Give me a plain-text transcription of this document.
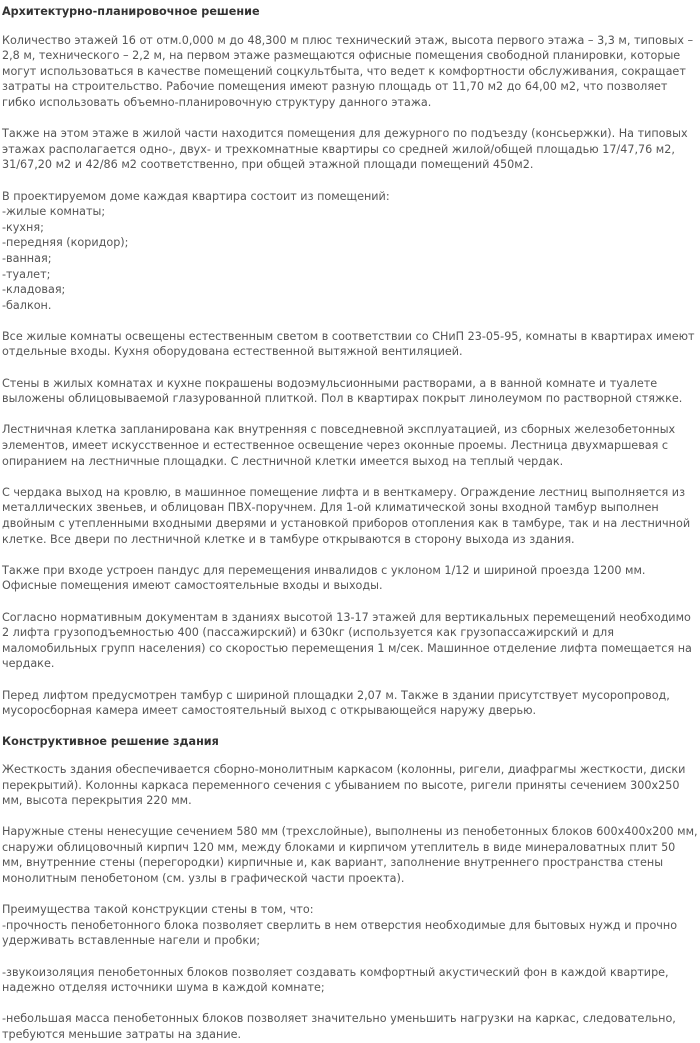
Архитектурно-планировочное решение

Количество этажей 16 от отм.0,000 м до 48,300 м плюс технический этаж, высота первого этажа – 3,3 м, типовых – 2,8 м, технического – 2,2 м, на первом этаже размещаются офисные помещения свободной планировки, которые могут использоваться в качестве помещений соцкультбыта, что ведет к комфортности обслуживания, сокращает затраты на строительство. Рабочие помещения имеют разную площадь от 11,70 м2 до 64,00 м2, что позволяет гибко использовать объемно-планировочную структуру данного этажа.

Также на этом этаже в жилой части находится помещения для дежурного по подъезду (консьержки). На типовых этажах располагается одно-, двух- и трехкомнатные квартиры со средней жилой/общей площадью 17/47,76 м2, 31/67,20 м2 и 42/86 м2 соответственно, при общей этажной площади помещений 450м2.

В проектируемом доме каждая квартира состоит из помещений:
-жилые комнаты;
-кухня;
-передняя (коридор);
-ванная;
-туалет;
-кладовая;
-балкон.

Все жилые комнаты освещены естественным светом в соответствии со СНиП 23-05-95, комнаты в квартирах имеют отдельные входы. Кухня оборудована естественной вытяжной вентиляцией.

Стены в жилых комнатах и кухне покрашены водоэмульсионными растворами, а в ванной комнате и туалете выложены облицовываемой глазурованной плиткой. Пол в квартирах покрыт линолеумом по растворной стяжке.

Лестничная клетка запланирована как внутренняя с повседневной эксплуатацией, из сборных железобетонных элементов, имеет искусственное и естественное освещение через оконные проемы. Лестница двухмаршевая с опиранием на лестничные площадки. С лестничной клетки имеется выход на теплый чердак.

С чердака выход на кровлю, в машинное помещение лифта и в венткамеру. Ограждение лестниц выполняется из металлических звеньев, и облицован ПВХ-поручнем. Для 1-ой климатической зоны входной тамбур выполнен двойным с утепленными входными дверями и установкой приборов отопления как в тамбуре, так и на лестничной клетке. Все двери по лестничной клетке и в тамбуре открываются в сторону выхода из здания.

Также при входе устроен пандус для перемещения инвалидов с уклоном 1/12 и шириной проезда 1200 мм. Офисные помещения имеют самостоятельные входы и выходы.

Согласно нормативным документам в зданиях высотой 13-17 этажей для вертикальных перемещений необходимо 2 лифта грузоподъемностью 400 (пассажирский) и 630кг (используется как грузопассажирский и для маломобильных групп населения) со скоростью перемещения 1 м/сек. Машинное отделение лифта помещается на чердаке.

Перед лифтом предусмотрен тамбур с шириной площадки 2,07 м. Также в здании присутствует мусоропровод, мусоросборная камера имеет самостоятельный выход с открывающейся наружу дверью.

Конструктивное решение здания

Жесткость здания обеспечивается сборно-монолитным каркасом (колонны, ригели, диафрагмы жесткости, диски перекрытий). Колонны каркаса переменного сечения с убыванием по высоте, ригели приняты сечением 300х250 мм, высота перекрытия 220 мм.

Наружные стены ненесущие сечением 580 мм (трехслойные), выполнены из пенобетонных блоков 600х400х200 мм, снаружи облицовочный кирпич 120 мм, между блоками и кирпичом утеплитель в виде минераловатных плит 50 мм, внутренние стены (перегородки) кирпичные и, как вариант, заполнение внутреннего пространства стены монолитным пенобетоном (см. узлы в графической части проекта).

Преимущества такой конструкции стены в том, что:
-прочность пенобетонного блока позволяет сверлить в нем отверстия необходимые для бытовых нужд и прочно удерживать вставленные нагели и пробки;

-звукоизоляция пенобетонных блоков позволяет создавать комфортный акустический фон в каждой квартире, надежно отделяя источники шума в каждой комнате;

-небольшая масса пенобетонных блоков позволяет значительно уменьшить нагрузки на каркас, следовательно, требуются меньшие затраты на здание.
